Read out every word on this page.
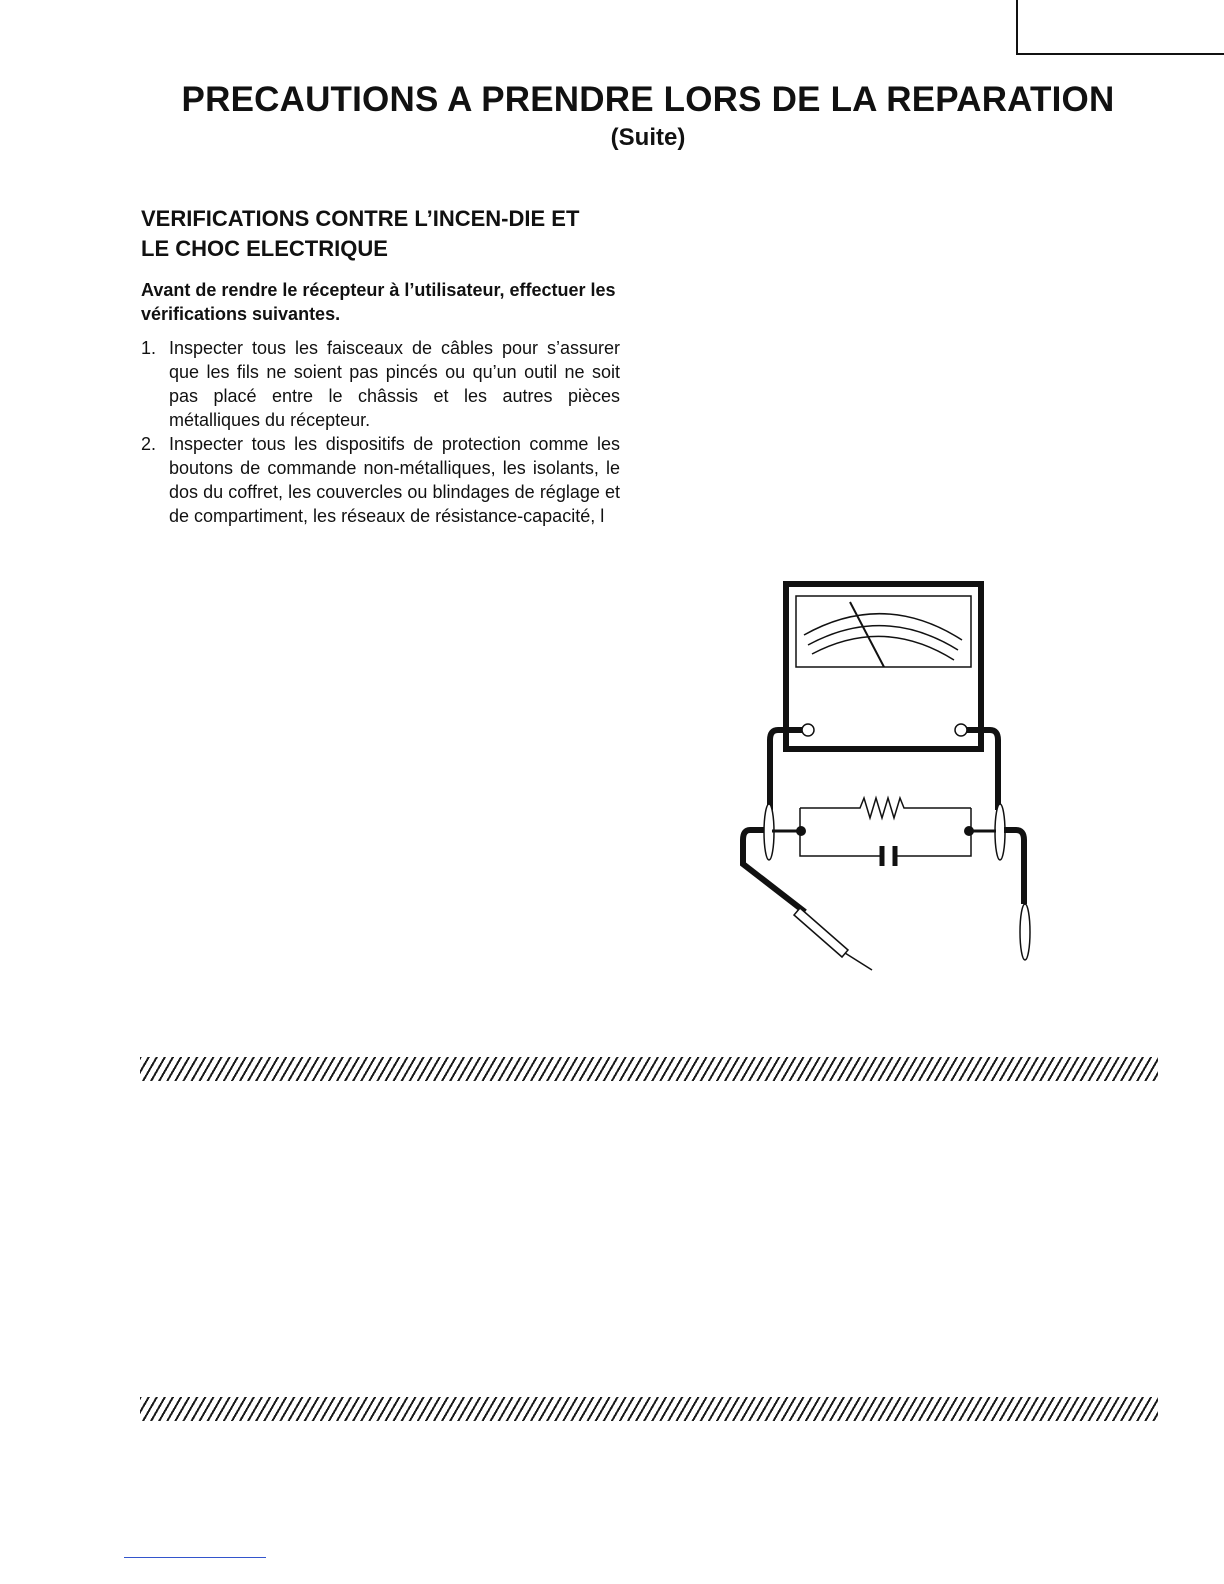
PRECAUTIONS A PRENDRE LORS DE LA REPARATION
(Suite)
VERIFICATIONS CONTRE L’INCEN-DIE ET
LE CHOC ELECTRIQUE

Avant de rendre le récepteur à l’utilisateur, effectuer les vérifications suivantes.

1. Inspecter tous les faisceaux de câbles pour s’assurer que les fils ne soient pas pincés ou qu’un outil ne soit pas placé entre le châssis et les autres pièces métalliques du récepteur.
2. Inspecter tous les dispositifs de protection comme les boutons de commande non-métalliques, les isolants, le dos du coffret, les couvercles ou blindages de réglage et de compartiment, les réseaux de résistance-capacité, l
